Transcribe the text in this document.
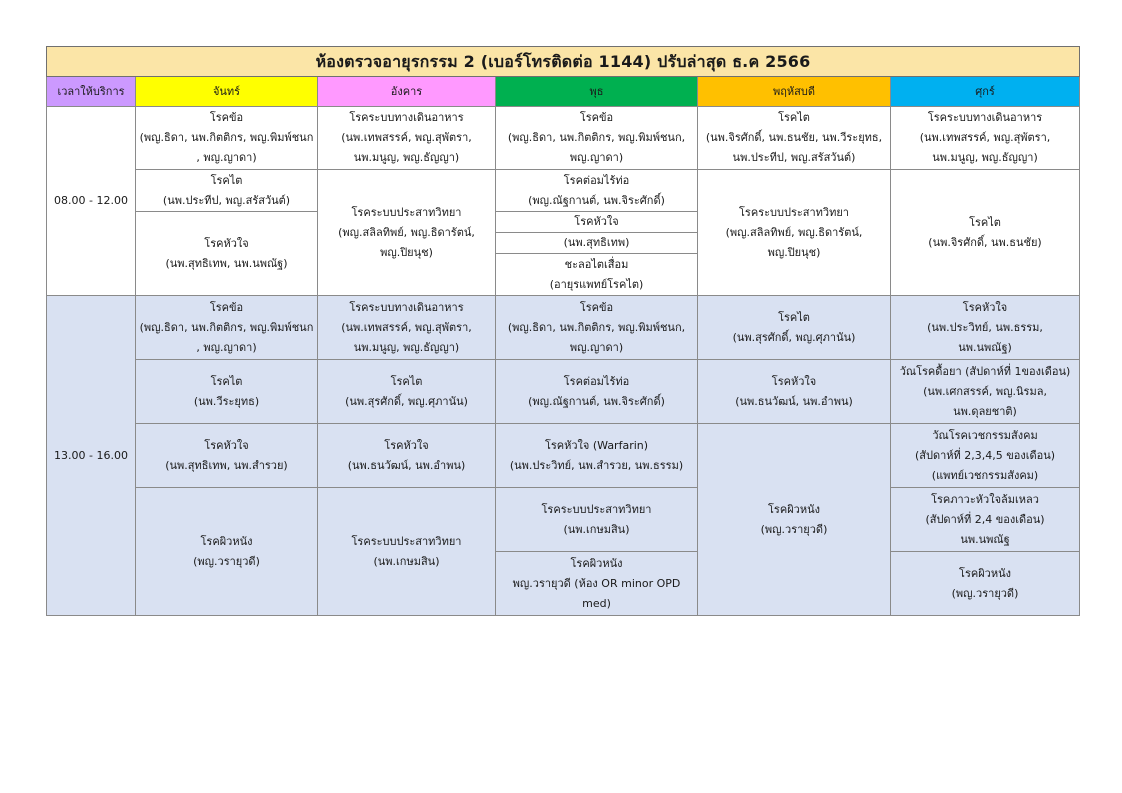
ห้องตรวจอายุรกรรม 2 (เบอร์โทรติดต่อ 1144) ปรับล่าสุด ธ.ค 2566					
เวลาให้บริการ	จันทร์	อังคาร	พุธ	พฤหัสบดี	ศุกร์
08.00 - 12.00	โรคข้อ
(พญ.ธิดา, นพ.กิตติกร, พญ.พิมพ์ชนก
, พญ.ญาดา)	โรคระบบทางเดินอาหาร
(นพ.เทพสรรค์, พญ.สุพัตรา,
นพ.มนูญ, พญ.ธัญญา)	โรคข้อ
(พญ.ธิดา, นพ.กิตติกร, พญ.พิมพ์ชนก,
พญ.ญาดา)	โรคไต
(นพ.จิรศักดิ์, นพ.ธนชัย, นพ.วีระยุทธ,
นพ.ประทีป, พญ.สรัสวันต์)	โรคระบบทางเดินอาหาร
(นพ.เทพสรรค์, พญ.สุพัตรา,
นพ.มนูญ, พญ.ธัญญา)

	โรคไต
(นพ.ประทีป, พญ.สรัสวันต์)	โรคระบบประสาทวิทยา
(พญ.สลิลทิพย์, พญ.ธิดารัตน์,
พญ.ปิยนุช)	โรคต่อมไร้ท่อ
(พญ.ณัฐกานต์, นพ.จิระศักดิ์)	โรคระบบประสาทวิทยา
(พญ.สลิลทิพย์, พญ.ธิดารัตน์,
พญ.ปิยนุช)	โรคไต
(นพ.จิรศักดิ์, นพ.ธนชัย)

	โรคหัวใจ
(นพ.สุทธิเทพ, นพ.นพณัฐ)		โรคหัวใจ		

			(นพ.สุทธิเทพ)		

			ชะลอไตเสื่อม
(อายุรแพทย์โรคไต)		

13.00 - 16.00	โรคข้อ
(พญ.ธิดา, นพ.กิตติกร, พญ.พิมพ์ชนก
, พญ.ญาดา)	โรคระบบทางเดินอาหาร
(นพ.เทพสรรค์, พญ.สุพัตรา,
นพ.มนูญ, พญ.ธัญญา)	โรคข้อ
(พญ.ธิดา, นพ.กิตติกร, พญ.พิมพ์ชนก,
พญ.ญาดา)	โรคไต
(นพ.สุรศักดิ์, พญ.ศุภานัน)	โรคหัวใจ
(นพ.ประวิทย์, นพ.ธรรม,
นพ.นพณัฐ)

	โรคไต
(นพ.วีระยุทธ)	โรคไต
(นพ.สุรศักดิ์, พญ.ศุภานัน)	โรคต่อมไร้ท่อ
(พญ.ณัฐกานต์, นพ.จิระศักดิ์)	โรคหัวใจ
(นพ.ธนวัฒน์, นพ.อำพน)	วัณโรคดื้อยา (สัปดาห์ที่ 1ของเดือน)
(นพ.เศกสรรค์, พญ.นิรมล,
นพ.ดุลยชาติ)

	โรคหัวใจ
(นพ.สุทธิเทพ, นพ.สำรวย)	โรคหัวใจ
(นพ.ธนวัฒน์, นพ.อำพน)	โรคหัวใจ (Warfarin)
(นพ.ประวิทย์, นพ.สำรวย, นพ.ธรรม)	โรคผิวหนัง
(พญ.วรายุวดี)	วัณโรคเวชกรรมสังคม
(สัปดาห์ที่ 2,3,4,5 ของเดือน)
(แพทย์เวชกรรมสังคม)

	โรคผิวหนัง
(พญ.วรายุวดี)	โรคระบบประสาทวิทยา
(นพ.เกษมสิน)	โรคระบบประสาทวิทยา
(นพ.เกษมสิน)		โรคภาวะหัวใจล้มเหลว
(สัปดาห์ที่ 2,4 ของเดือน)
นพ.นพณัฐ

			โรคผิวหนัง
พญ.วรายุวดี (ห้อง OR minor OPD
med)		โรคผิวหนัง
(พญ.วรายุวดี)
